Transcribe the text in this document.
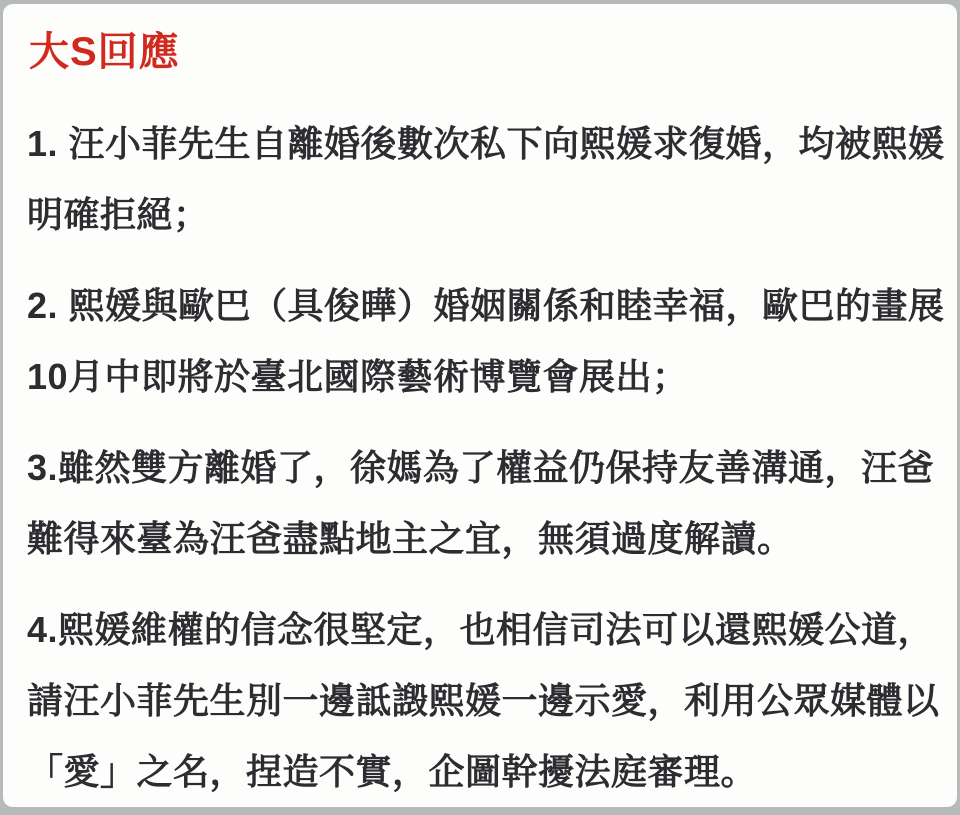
大S回應
1. 汪小菲先生自離婚後數次私下向熙媛求復婚，均被熙媛
明確拒絕；
2. 熙媛與歐巴（具俊曄）婚姻關係和睦幸福，歐巴的畫展
10月中即將於臺北國際藝術博覽會展出；
3.雖然雙方離婚了，徐媽為了權益仍保持友善溝通，汪爸
難得來臺為汪爸盡點地主之宜，無須過度解讀。
4.熙媛維權的信念很堅定，也相信司法可以還熙媛公道，
請汪小菲先生別一邊詆譭熙媛一邊示愛，利用公眾媒體以
「愛」之名，捏造不實，企圖幹擾法庭審理。
